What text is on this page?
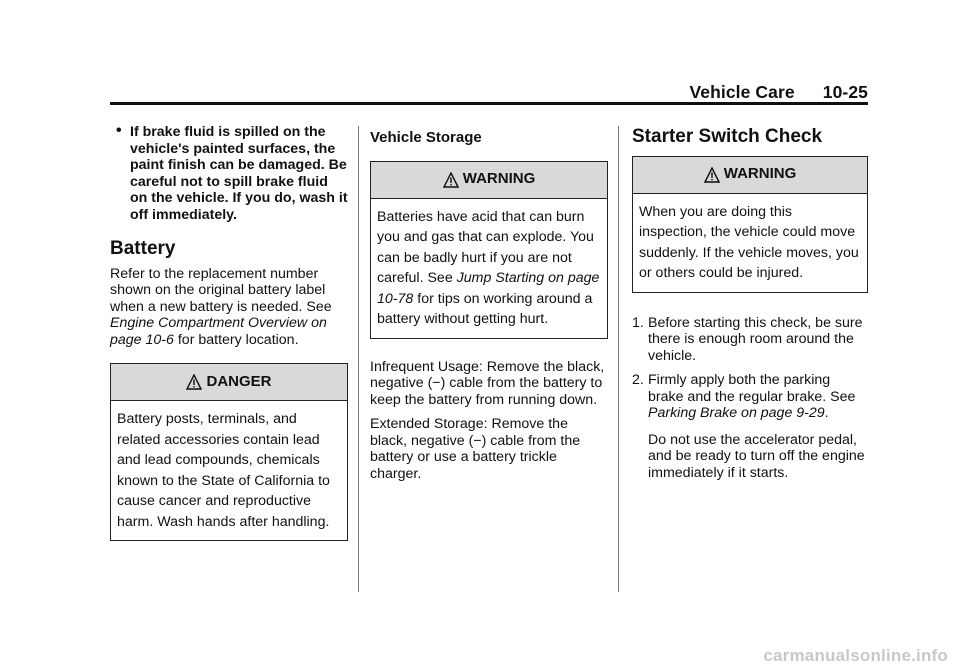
Vehicle Care 10-25
• If brake fluid is spilled on the vehicle's painted surfaces, the paint finish can be damaged. Be careful not to spill brake fluid on the vehicle. If you do, wash it off immediately.
Battery

Refer to the replacement number shown on the original battery label when a new battery is needed. See Engine Compartment Overview on page 10‑6 for battery location.

DANGER
Battery posts, terminals, and related accessories contain lead and lead compounds, chemicals known to the State of California to cause cancer and reproductive harm. Wash hands after handling.
Vehicle Storage
WARNING
Batteries have acid that can burn you and gas that can explode. You can be badly hurt if you are not careful. See Jump Starting on page 10‑78 for tips on working around a battery without getting hurt.

Infrequent Usage: Remove the black, negative (−) cable from the battery to keep the battery from running down.

Extended Storage: Remove the black, negative (−) cable from the battery or use a battery trickle charger.

Starter Switch Check
WARNING
When you are doing this inspection, the vehicle could move suddenly. If the vehicle moves, you or others could be injured.
1. Before starting this check, be sure there is enough room around the vehicle.
2. Firmly apply both the parking brake and the regular brake. See Parking Brake on page 9‑29.
Do not use the accelerator pedal, and be ready to turn off the engine immediately if it starts.
carmanualsonline.info
